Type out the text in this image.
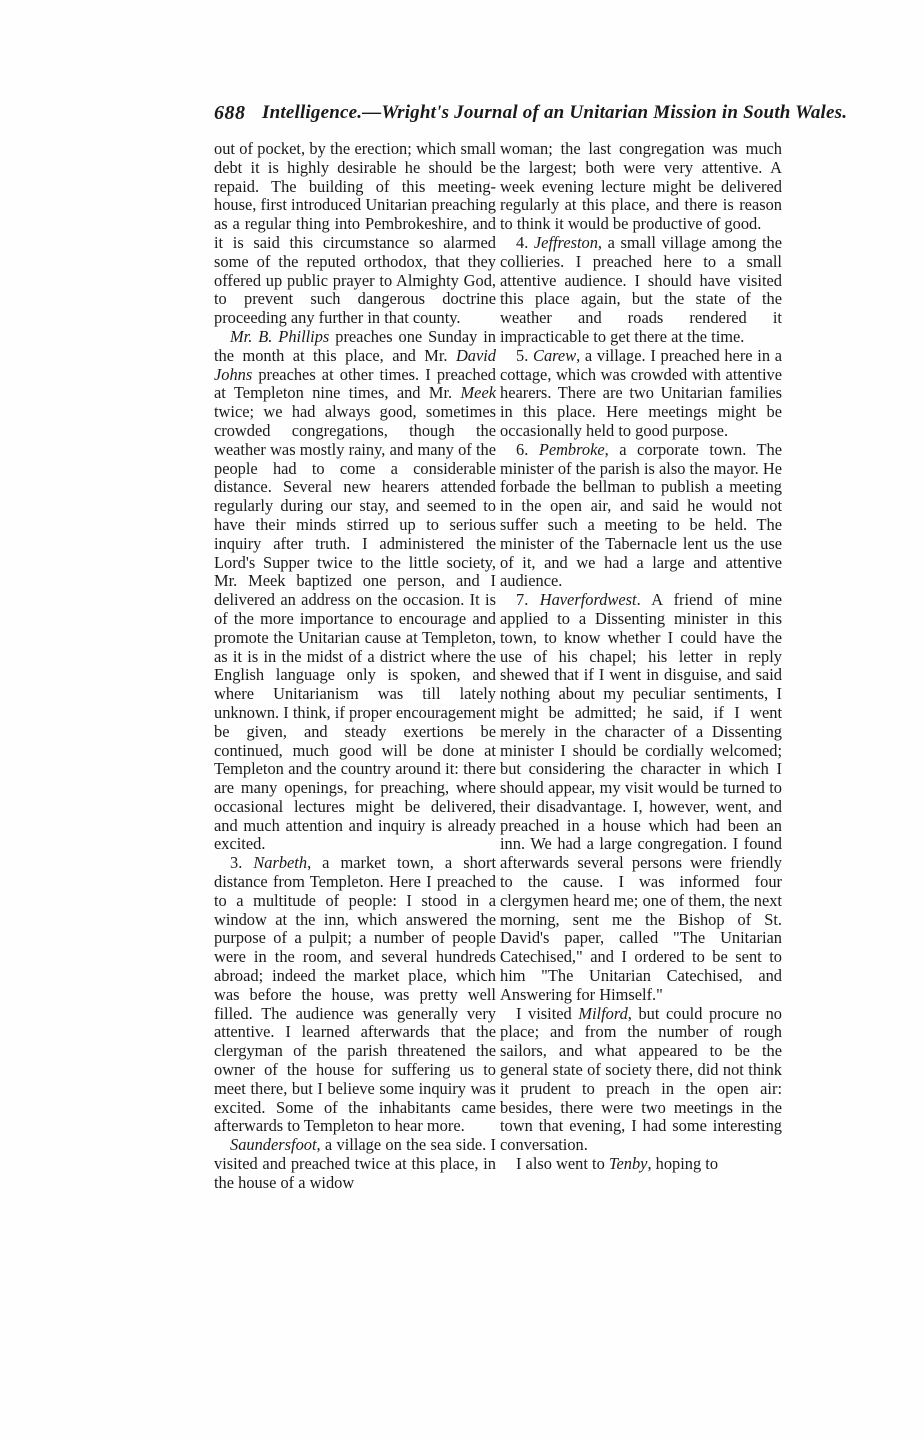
688 Intelligence.—Wright's Journal of an Unitarian Mission in South Wales.

out of pocket, by the erection; which small debt it is highly desirable he should be repaid. The building of this meeting-house, first introduced Unitarian preaching as a regular thing into Pembrokeshire, and it is said this circumstance so alarmed some of the reputed orthodox, that they offered up public prayer to Almighty God, to prevent such dangerous doctrine proceeding any further in that county.

Mr. B. Phillips preaches one Sunday in the month at this place, and Mr. David Johns preaches at other times. I preached at Templeton nine times, and Mr. Meek twice; we had always good, sometimes crowded congregations, though the weather was mostly rainy, and many of the people had to come a considerable distance. Several new hearers attended regularly during our stay, and seemed to have their minds stirred up to serious inquiry after truth. I administered the Lord's Supper twice to the little society, Mr. Meek baptized one person, and I delivered an address on the occasion. It is of the more importance to encourage and promote the Unitarian cause at Templeton, as it is in the midst of a district where the English language only is spoken, and where Unitarianism was till lately unknown. I think, if proper encouragement be given, and steady exertions be continued, much good will be done at Templeton and the country around it: there are many openings, for preaching, where occasional lectures might be delivered, and much attention and inquiry is already excited.

3. Narbeth, a market town, a short distance from Templeton. Here I preached to a multitude of people: I stood in a window at the inn, which answered the purpose of a pulpit; a number of people were in the room, and several hundreds abroad; indeed the market place, which was before the house, was pretty well filled. The audience was generally very attentive. I learned afterwards that the clergyman of the parish threatened the owner of the house for suffering us to meet there, but I believe some inquiry was excited. Some of the inhabitants came afterwards to Templeton to hear more.

Saundersfoot, a village on the sea side. I visited and preached twice at this place, in the house of a widow

woman; the last congregation was much the largest; both were very attentive. A week evening lecture might be delivered regularly at this place, and there is reason to think it would be productive of good.

4. Jeffreston, a small village among the collieries. I preached here to a small attentive audience. I should have visited this place again, but the state of the weather and roads rendered it impracticable to get there at the time.

5. Carew, a village. I preached here in a cottage, which was crowded with attentive hearers. There are two Unitarian families in this place. Here meetings might be occasionally held to good purpose.

6. Pembroke, a corporate town. The minister of the parish is also the mayor. He forbade the bellman to publish a meeting in the open air, and said he would not suffer such a meeting to be held. The minister of the Tabernacle lent us the use of it, and we had a large and attentive audience.

7. Haverfordwest. A friend of mine applied to a Dissenting minister in this town, to know whether I could have the use of his chapel; his letter in reply shewed that if I went in disguise, and said nothing about my peculiar sentiments, I might be admitted; he said, if I went merely in the character of a Dissenting minister I should be cordially welcomed; but considering the character in which I should appear, my visit would be turned to their disadvantage. I, however, went, and preached in a house which had been an inn. We had a large congregation. I found afterwards several persons were friendly to the cause. I was informed four clergymen heard me; one of them, the next morning, sent me the Bishop of St. David's paper, called "The Unitarian Catechised," and I ordered to be sent to him "The Unitarian Catechised, and Answering for Himself."

I visited Milford, but could procure no place; and from the number of rough sailors, and what appeared to be the general state of society there, did not think it prudent to preach in the open air: besides, there were two meetings in the town that evening, I had some interesting conversation.

I also went to Tenby, hoping to
